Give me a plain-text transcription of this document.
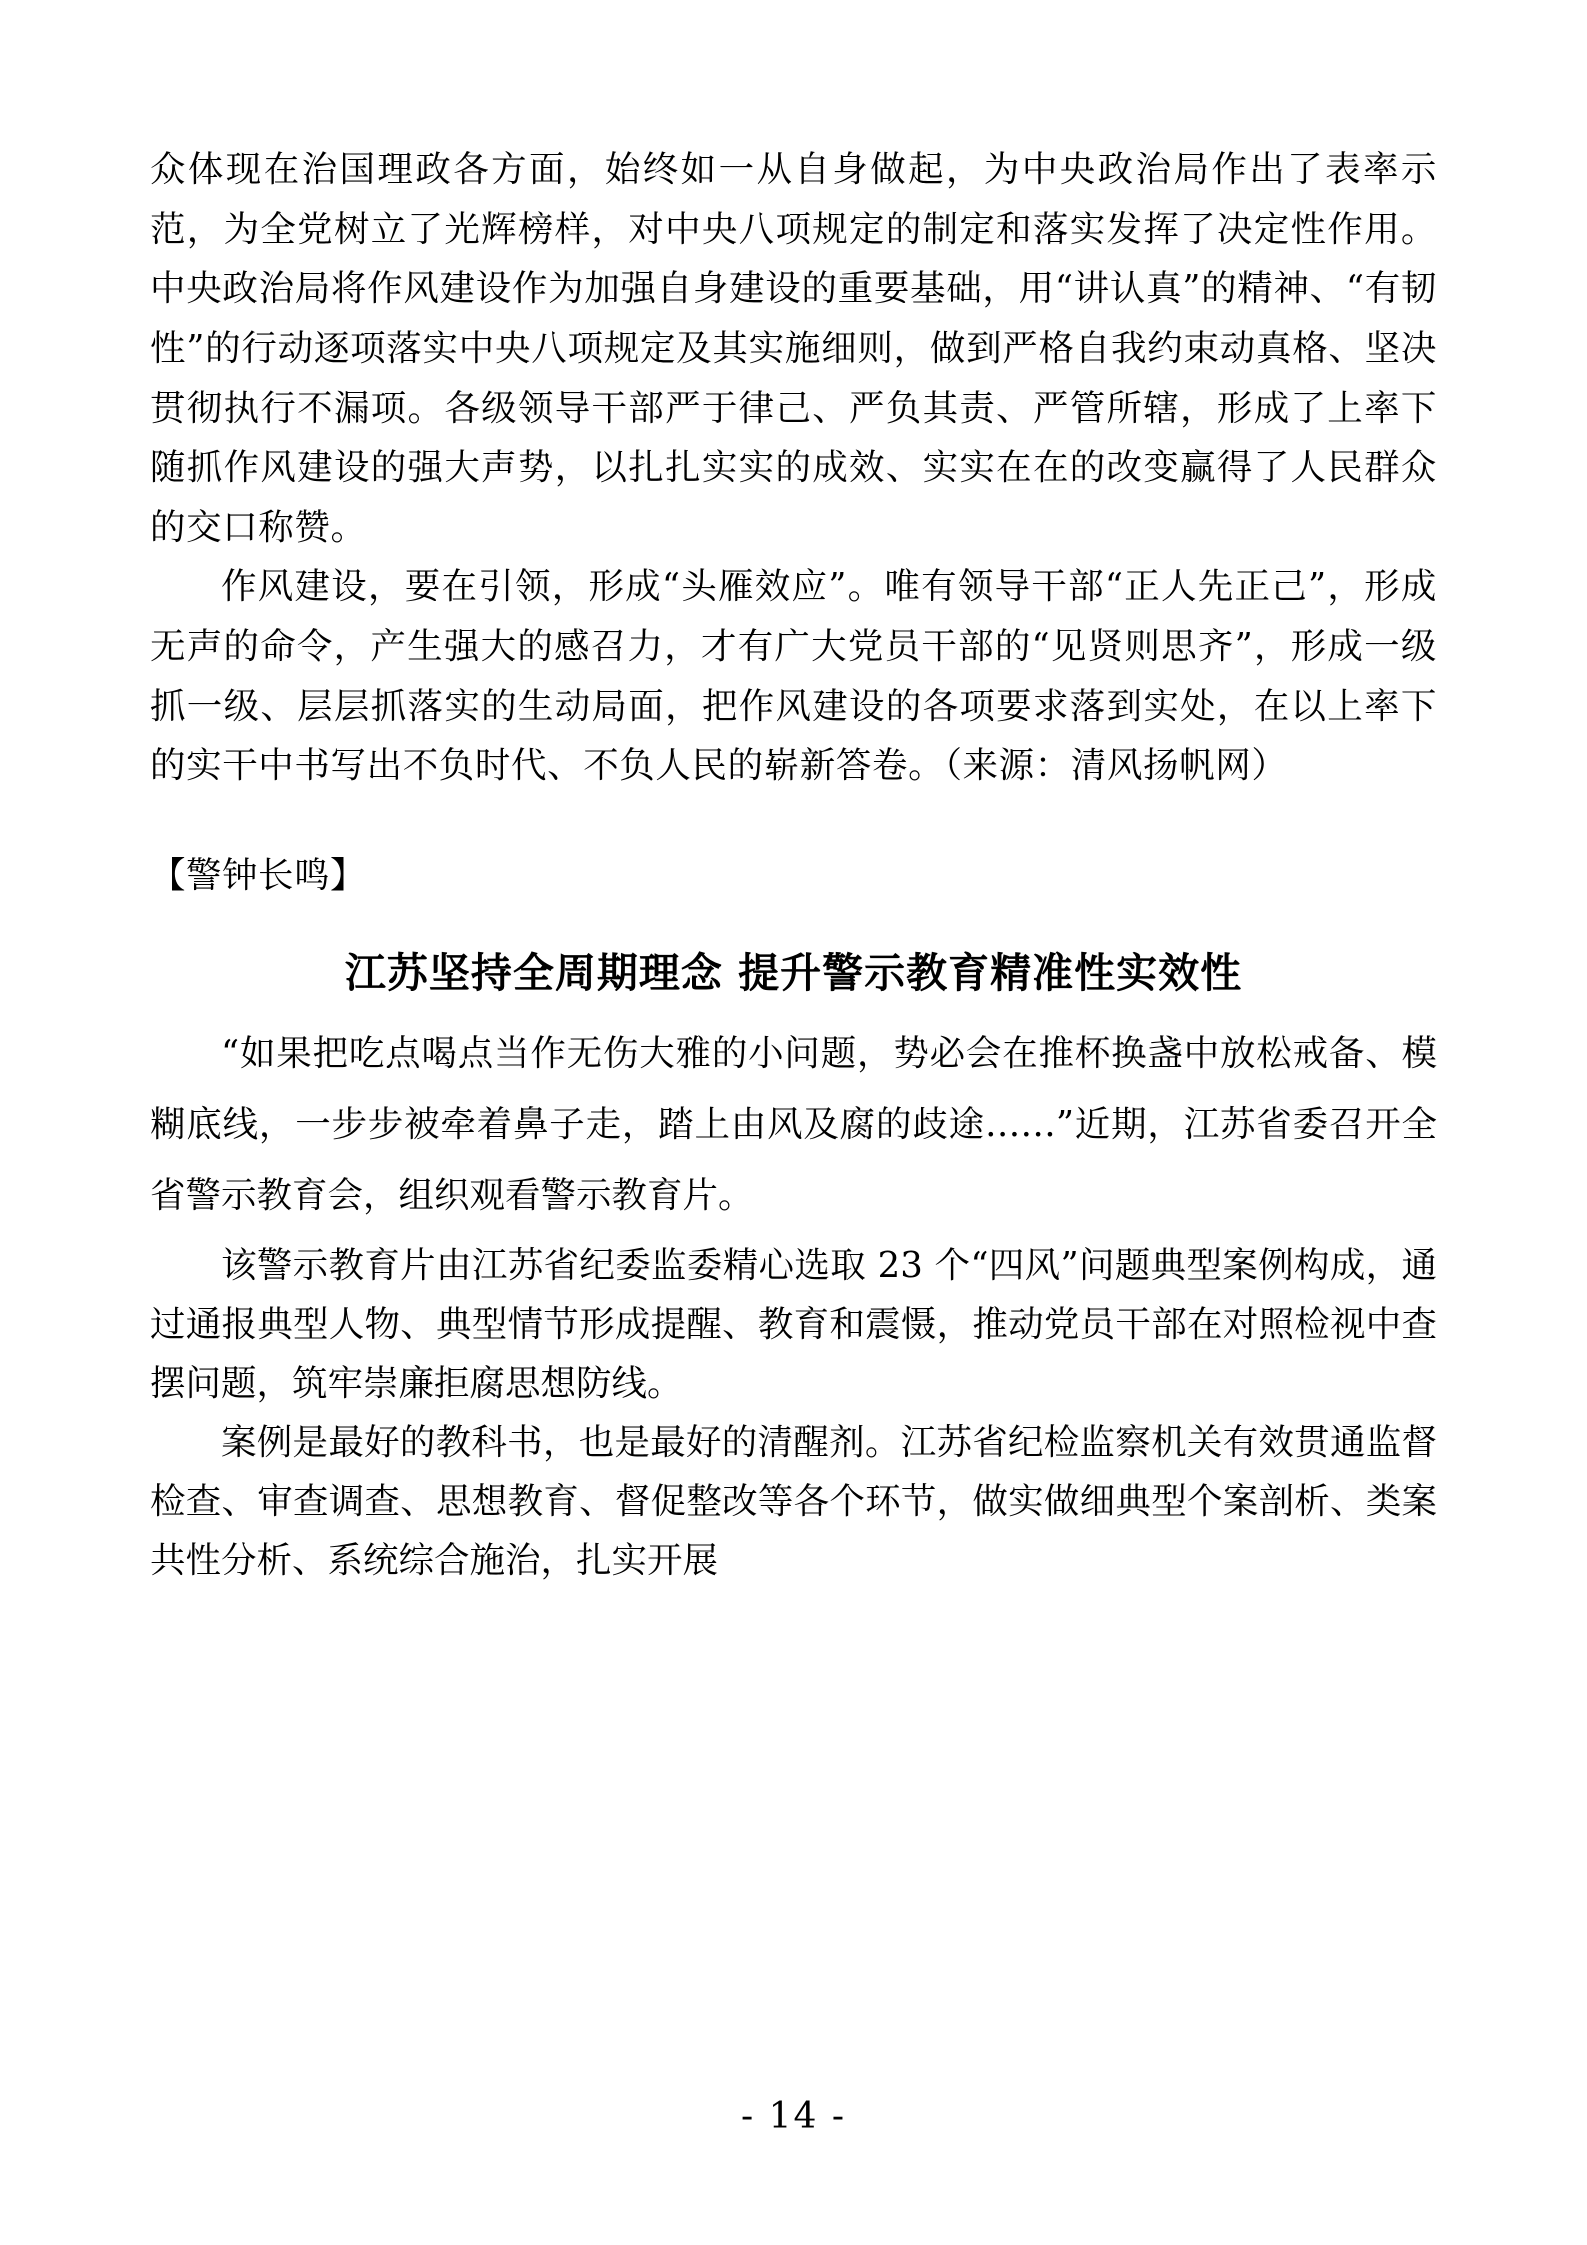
众体现在治国理政各方面，始终如一从自身做起，为中央政治局作出了表率示范，为全党树立了光辉榜样，对中央八项规定的制定和落实发挥了决定性作用。中央政治局将作风建设作为加强自身建设的重要基础，用“讲认真”的精神、“有韧性”的行动逐项落实中央八项规定及其实施细则，做到严格自我约束动真格、坚决贯彻执行不漏项。各级领导干部严于律己、严负其责、严管所辖，形成了上率下随抓作风建设的强大声势，以扎扎实实的成效、实实在在的改变赢得了人民群众的交口称赞。

作风建设，要在引领，形成“头雁效应”。唯有领导干部“正人先正己”，形成无声的命令，产生强大的感召力，才有广大党员干部的“见贤则思齐”，形成一级抓一级、层层抓落实的生动局面，把作风建设的各项要求落到实处，在以上率下的实干中书写出不负时代、不负人民的崭新答卷。（来源：清风扬帆网）

【警钟长鸣】
江苏坚持全周期理念 提升警示教育精准性实效性

“如果把吃点喝点当作无伤大雅的小问题，势必会在推杯换盏中放松戒备、模糊底线，一步步被牵着鼻子走，踏上由风及腐的歧途……”近期，江苏省委召开全省警示教育会，组织观看警示教育片。

该警示教育片由江苏省纪委监委精心选取 23 个“四风”问题典型案例构成，通过通报典型人物、典型情节形成提醒、教育和震慑，推动党员干部在对照检视中查摆问题，筑牢崇廉拒腐思想防线。

案例是最好的教科书，也是最好的清醒剂。江苏省纪检监察机关有效贯通监督检查、审查调查、思想教育、督促整改等各个环节，做实做细典型个案剖析、类案共性分析、系统综合施治，扎实开展

- 14 -
